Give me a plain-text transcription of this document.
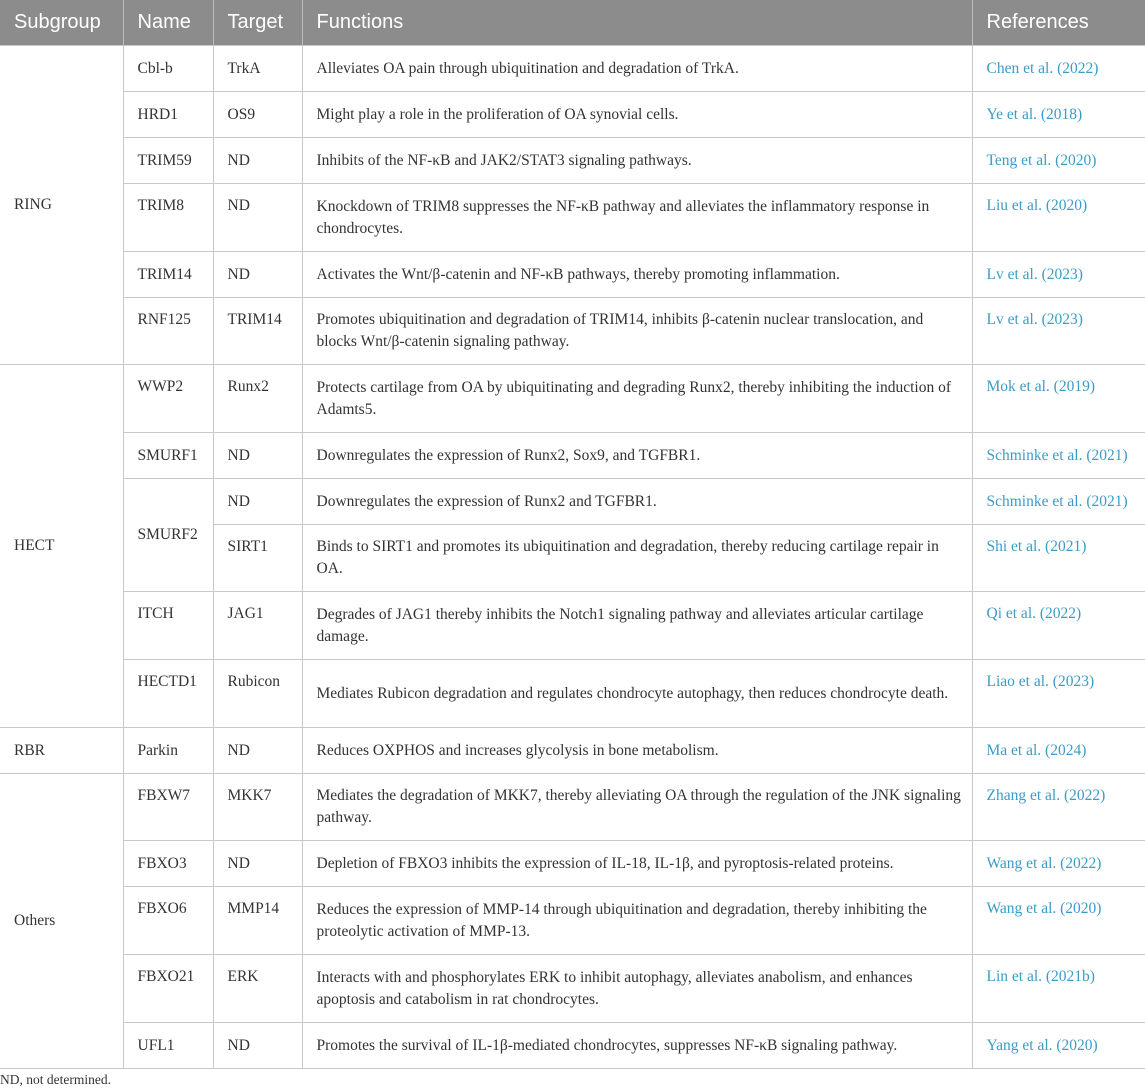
Subgroup	Name	Target	Functions	References
RING	Cbl-b	TrkA	Alleviates OA pain through ubiquitination and degradation of TrkA.	Chen et al. (2022)
	HRD1	OS9	Might play a role in the proliferation of OA synovial cells.	Ye et al. (2018)
	TRIM59	ND	Inhibits of the NF-κB and JAK2/STAT3 signaling pathways.	Teng et al. (2020)
	TRIM8	ND	Knockdown of TRIM8 suppresses the NF-κB pathway and alleviates the inflammatory response in chondrocytes.	Liu et al. (2020)
	TRIM14	ND	Activates the Wnt/β-catenin and NF-κB pathways, thereby promoting inflammation.	Lv et al. (2023)
	RNF125	TRIM14	Promotes ubiquitination and degradation of TRIM14, inhibits β-catenin nuclear translocation, and blocks Wnt/β-catenin signaling pathway.	Lv et al. (2023)
HECT	WWP2	Runx2	Protects cartilage from OA by ubiquitinating and degrading Runx2, thereby inhibiting the induction of Adamts5.	Mok et al. (2019)
	SMURF1	ND	Downregulates the expression of Runx2, Sox9, and TGFBR1.	Schminke et al. (2021)
	SMURF2	ND	Downregulates the expression of Runx2 and TGFBR1.	Schminke et al. (2021)
		SIRT1	Binds to SIRT1 and promotes its ubiquitination and degradation, thereby reducing cartilage repair in OA.	Shi et al. (2021)
	ITCH	JAG1	Degrades of JAG1 thereby inhibits the Notch1 signaling pathway and alleviates articular cartilage damage.	Qi et al. (2022)
	HECTD1	Rubicon	Mediates Rubicon degradation and regulates chondrocyte autophagy, then reduces chondrocyte death.	Liao et al. (2023)
RBR	Parkin	ND	Reduces OXPHOS and increases glycolysis in bone metabolism.	Ma et al. (2024)
Others	FBXW7	MKK7	Mediates the degradation of MKK7, thereby alleviating OA through the regulation of the JNK signaling pathway.	Zhang et al. (2022)
	FBXO3	ND	Depletion of FBXO3 inhibits the expression of IL-18, IL-1β, and pyroptosis-related proteins.	Wang et al. (2022)
	FBXO6	MMP14	Reduces the expression of MMP-14 through ubiquitination and degradation, thereby inhibiting the proteolytic activation of MMP-13.	Wang et al. (2020)
	FBXO21	ERK	Interacts with and phosphorylates ERK to inhibit autophagy, alleviates anabolism, and enhances apoptosis and catabolism in rat chondrocytes.	Lin et al. (2021b)
	UFL1	ND	Promotes the survival of IL-1β-mediated chondrocytes, suppresses NF-κB signaling pathway.	Yang et al. (2020)
ND, not determined.
